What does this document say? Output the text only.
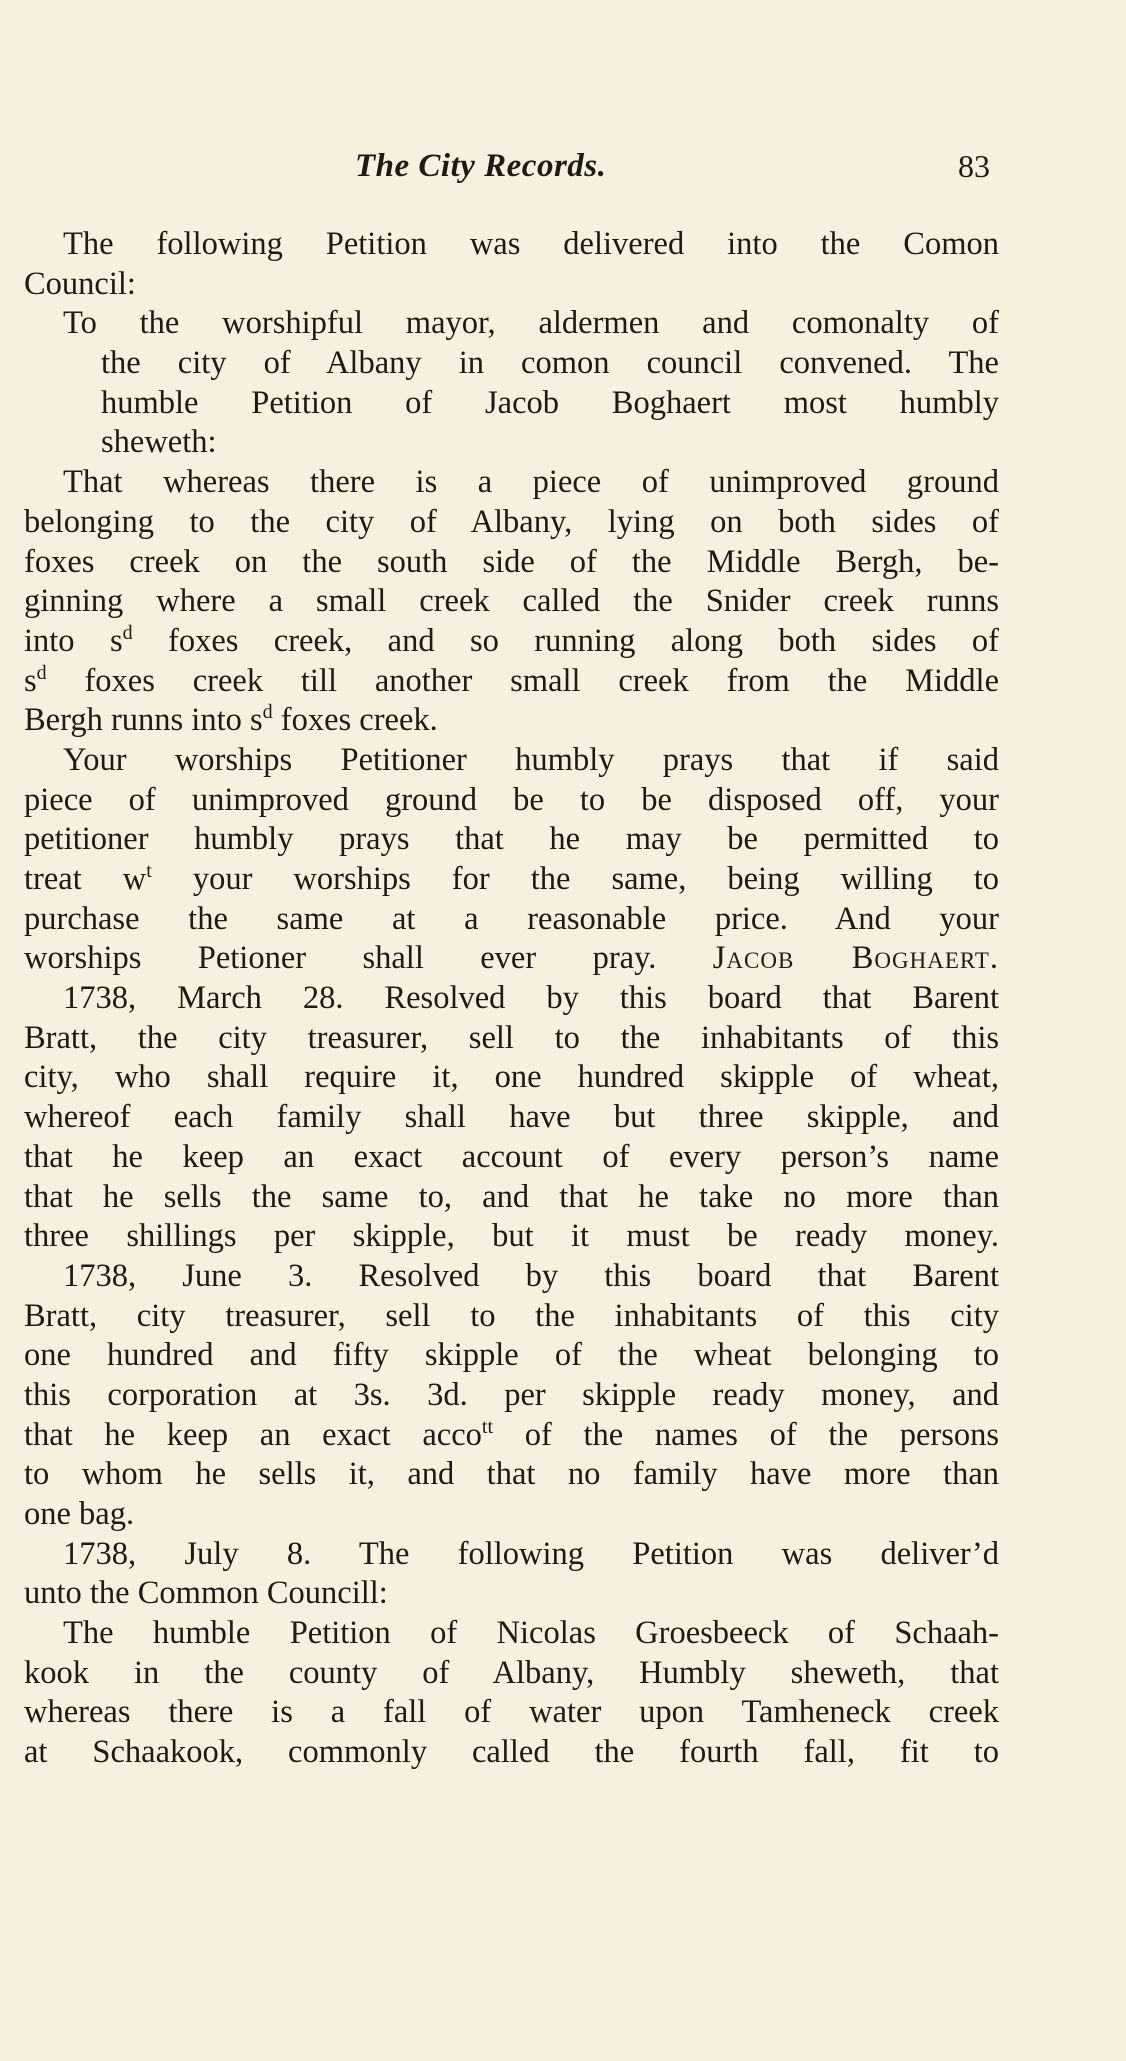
The City Records.	83
The following Petition was delivered into the Comon
Council:
To the worshipful mayor, aldermen and comonalty of
the city of Albany in comon council convened. The
humble Petition of Jacob Boghaert most humbly
sheweth:
That whereas there is a piece of unimproved ground
belonging to the city of Albany, lying on both sides of
foxes creek on the south side of the Middle Bergh, be-
ginning where a small creek called the Snider creek runns
into $s^d$ foxes creek, and so running along both sides of
$s^d$ foxes creek till another small creek from the Middle
Bergh runns into $s^d$ foxes creek.
Your worships Petitioner humbly prays that if said
piece of unimproved ground be to be disposed off, your
petitioner humbly prays that he may be permitted to
treat $w^t$ your worships for the same, being willing to
purchase the same at a reasonable price. And your
worships Petioner shall ever pray. Jacob Boghaert.
1738, March 28. Resolved by this board that Barent
Bratt, the city treasurer, sell to the inhabitants of this
city, who shall require it, one hundred skipple of wheat,
whereof each family shall have but three skipple, and
that he keep an exact account of every person’s name
that he sells the same to, and that he take no more than
three shillings per skipple, but it must be ready money.
1738, June 3. Resolved by this board that Barent
Bratt, city treasurer, sell to the inhabitants of this city
one hundred and fifty skipple of the wheat belonging to
this corporation at 3s. 3d. per skipple ready money, and
that he keep an exact acco$^{tt}$ of the names of the persons
to whom he sells it, and that no family have more than
one bag.
1738, July 8. The following Petition was deliver’d
unto the Common Councill:
The humble Petition of Nicolas Groesbeeck of Schaah-
kook in the county of Albany, Humbly sheweth, that
whereas there is a fall of water upon Tamheneck creek
at Schaakook, commonly called the fourth fall, fit to
